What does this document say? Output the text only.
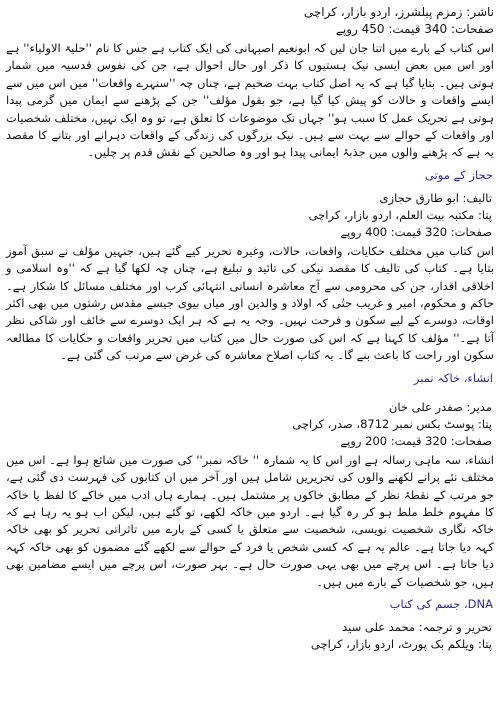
ناشر: زمزم پبلشرز، اردو بازار، کراچی
صفحات: 340 قیمت: 450 روپے

اس کتاب کے بارے میں اتنا جان لیں کہ ابونعیم اصبہانی کی ایک کتاب ہے جس کا نام ''حلیۃ الاولیاء'' ہے اور اس میں بعض ایسی نیک ہستیوں کا ذکر اور حال احوال ہے، جن کی نفوس قدسیہ میں شمار ہوتی ہیں۔ بتایا گیا ہے کہ یہ اصل کتاب بہت ضخیم ہے، چناں چہ ''سنہرے واقعات'' میں اس میں سے ایسے واقعات و حالات کو پیش کیا گیا ہے، جو بقول مؤلف'' جن کے پڑھنے سے ایمان میں گرمی پیدا ہوتی ہے تحریک عمل کا سبب ہو'' جہاں تک موضوعات کا تعلق ہے، تو وہ ایک نہیں، مختلف شخصیات اور واقعات کے حوالے سے بہت سے ہیں۔ نیک بزرگوں کی زندگی کے واقعات دہرانے اور بتانے کا مقصد یہ ہے کہ پڑھنے والوں میں جذبۂ ایمانی پیدا ہو اور وہ صالحین کے نقش قدم پر چلیں۔

حجاز کے موتی
تالیف: ابو طارق حجازی
پتا: مکتبہ بیت العلم، اردو بازار، کراچی
صفحات: 320 قیمت: 400 روپے

اس کتاب میں مختلف حکایات، واقعات، حالات، وغیرہ تحریر کیے گئے ہیں، جنہیں مؤلف نے سبق آموز بتایا ہے۔ کتاب کی تالیف کا مقصد نیکی کی تائید و تبلیغ ہے، چناں چہ لکھا گیا ہے کہ ''وہ اسلامی و اخلاقی اقدار، جن کی محرومی سے آج معاشرہ انسانی انتہائی کرب اور مختلف مسائل کا شکار ہے۔ حاکم و محکوم، امیر و غریب حتٰی کہ اولاد و والدین اور میاں بیوی جیسے مقدس رشتوں میں بھی اکثر اوقات، دوسرے کے لیے سکون و فرحت نہیں۔ وجہ یہ ہے کہ ہر ایک دوسرے سے خائف اور شاکی نظر آتا ہے۔'' مؤلف کا کہنا ہے کہ اس کی صورت حال میں کتاب میں تحریر واقعات و حکایات کا مطالعہ سکون اور راحت کا باعث بنے گا۔ یہ کتاب اصلاح معاشرہ کی غرض سے مرتب کی گئی ہے۔

انشاء، خاکہ نمبر
مدیر: صفدر علی خان
پتا: پوسٹ بکس نمبر 8712، صدر، کراچی
صفحات: 320 قیمت: 200 روپے

انشاء، سہ ماہی رسالہ ہے اور اس کا یہ شمارہ '' خاکہ نمبر'' کی صورت میں شائع ہوا ہے۔ اس میں مختلف نئے پرانے لکھنے والوں کی تحریریں شامل ہیں اور آخر میں ان کتابوں کی فہرست دی گئی ہے، جو مرتب کے نقطۂ نظر کے مطابق خاکوں پر مشتمل ہیں۔ ہمارے ہاں ادب میں خاکے کا لفظ یا خاکہ کا مفہوم خلط ملط ہو کر رہ گیا ہے۔ اردو میں خاکہ لکھے، تو گئے ہیں، لیکن اب ہو یہ رہا ہے کہ خاکہ نگاری شخصیت نویسی، شخصیت سے متعلق یا کسی کے بارے میں تاثراتی تحریر کو بھی خاکہ کہہ دیا جاتا ہے۔ عالم یہ ہے کہ کسی شخص یا فرد کے حوالے سے لکھے گئے مضمون کو بھی خاکہ کہہ دیا جاتا ہے۔ اس پرچے میں بھی یہی صورت حال ہے۔ بہر صورت، اس پرچے میں ایسے مضامین بھی ہیں، جو شخصیات کے بارے میں ہیں۔

DNA، جسم کی کتاب
تحریر و ترجمہ: محمد علی سید
پتا: ویلکم بک پورٹ، اردو بازار، کراچی
